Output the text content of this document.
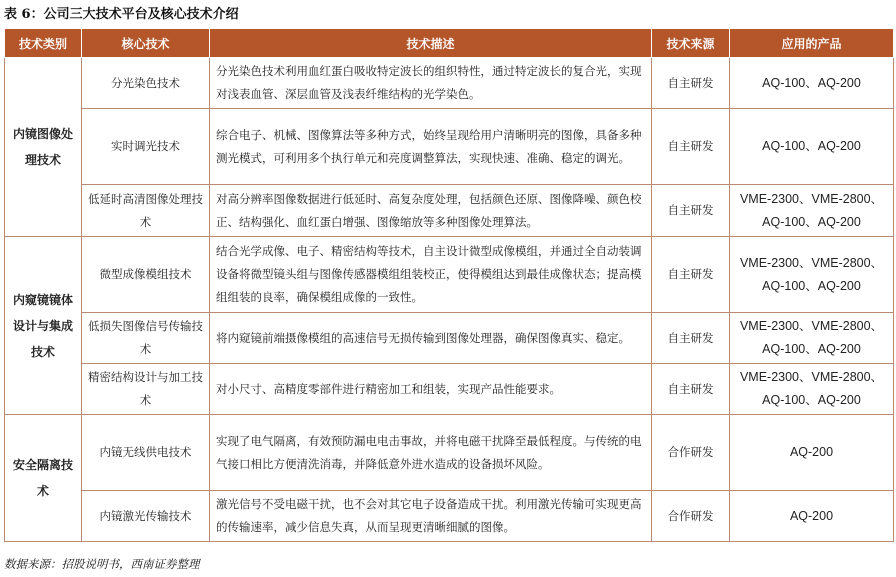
表 6：公司三大技术平台及核心技术介绍
技术类别	核心技术	技术描述	技术来源	应用的产品
内镜图像处理技术	分光染色技术	分光染色技术利用血红蛋白吸收特定波长的组织特性，通过特定波长的复合光，实现对浅表血管、深层血管及浅表纤维结构的光学染色。	自主研发	AQ-100、AQ-200
	实时调光技术	综合电子、机械、图像算法等多种方式，始终呈现给用户清晰明亮的图像，具备多种测光模式，可利用多个执行单元和亮度调整算法，实现快速、准确、稳定的调光。	自主研发	AQ-100、AQ-200
	低延时高清图像处理技术	对高分辨率图像数据进行低延时、高复杂度处理，包括颜色还原、图像降噪、颜色校正、结构强化、血红蛋白增强、图像缩放等多种图像处理算法。	自主研发	VME-2300、VME-2800、AQ-100、AQ-200
内窥镜镜体设计与集成技术	微型成像模组技术	结合光学成像、电子、精密结构等技术，自主设计微型成像模组，并通过全自动装调设备将微型镜头组与图像传感器模组组装校正，使得模组达到最佳成像状态；提高模组组装的良率，确保模组成像的一致性。	自主研发	VME-2300、VME-2800、AQ-100、AQ-200
	低损失图像信号传输技术	将内窥镜前端摄像模组的高速信号无损传输到图像处理器，确保图像真实、稳定。	自主研发	VME-2300、VME-2800、AQ-100、AQ-200
	精密结构设计与加工技术	对小尺寸、高精度零部件进行精密加工和组装，实现产品性能要求。	自主研发	VME-2300、VME-2800、AQ-100、AQ-200
安全隔离技术	内镜无线供电技术	实现了电气隔离，有效预防漏电电击事故，并将电磁干扰降至最低程度。与传统的电气接口相比方便清洗消毒，并降低意外进水造成的设备损坏风险。	合作研发	AQ-200
	内镜激光传输技术	激光信号不受电磁干扰，也不会对其它电子设备造成干扰。利用激光传输可实现更高的传输速率，减少信息失真，从而呈现更清晰细腻的图像。	合作研发	AQ-200
数据来源：招股说明书，西南证券整理
